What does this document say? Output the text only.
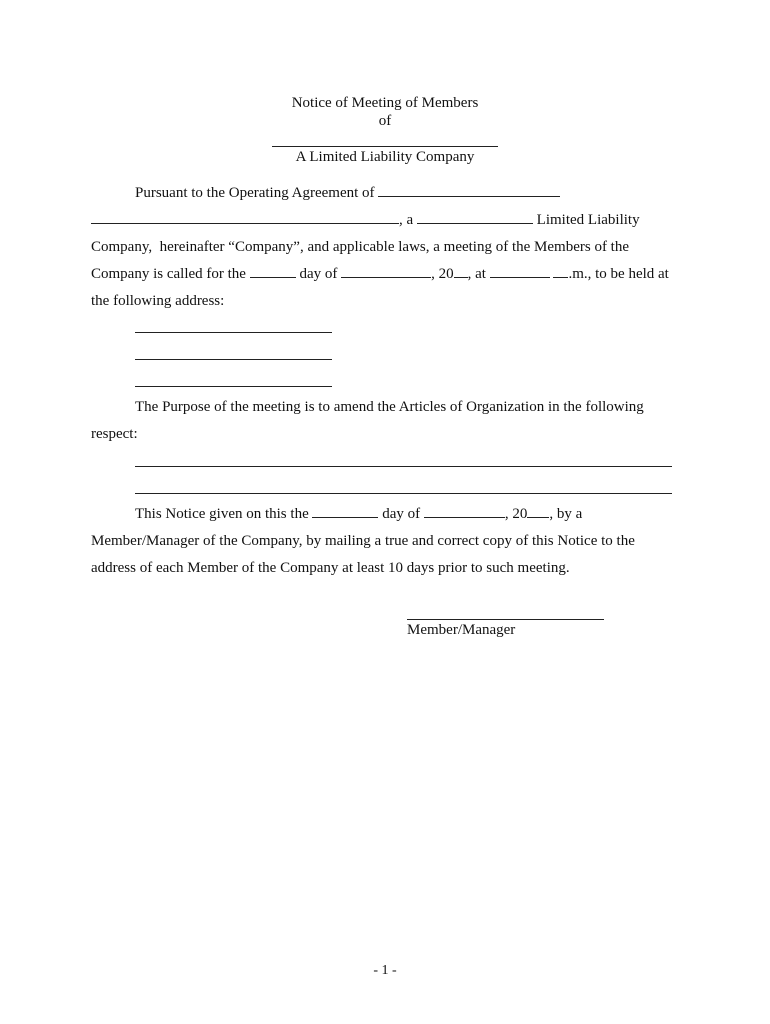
Notice of Meeting of Members
of
A Limited Liability Company
Pursuant to the Operating Agreement of
, a	Limited Liability
Company,  hereinafter “Company”, and applicable laws, a meeting of the Members of the
Company is called for the	day of	, 20 , at	.m., to be held at
the following address:
The Purpose of the meeting is to amend the Articles of Organization in the following
respect:
This Notice given on this the	day of	, 20 , by a
Member/Manager of the Company, by mailing a true and correct copy of this Notice to the
address of each Member of the Company at least 10 days prior to such meeting.
Member/Manager
- 1 -
